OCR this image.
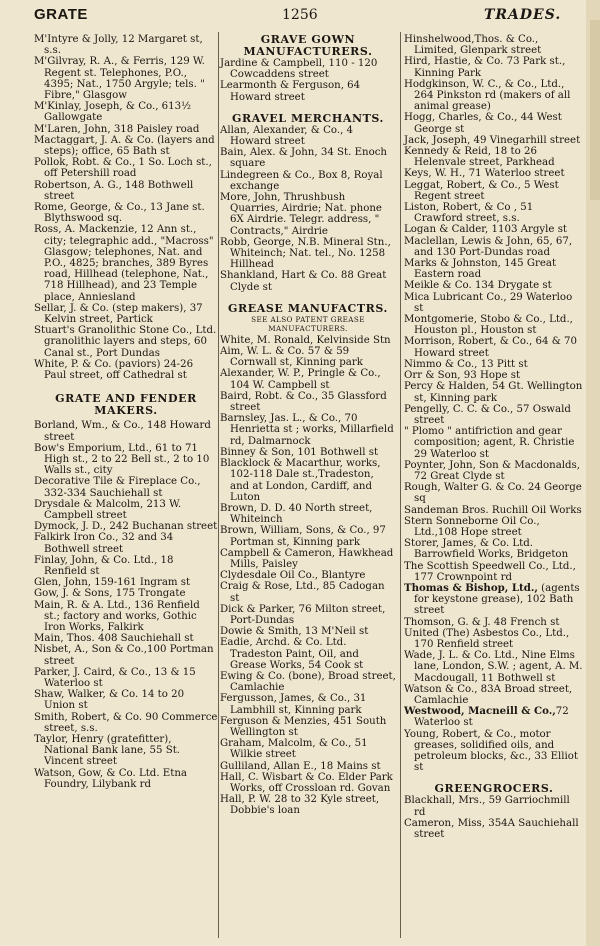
GRATE	1256	TRADES.

M'Intyre & Jolly, 12 Margaret st, s.s.

M'Gilvray, R. A., & Ferris, 129 W. Regent st. Telephones, P.O., 4395; Nat., 1750 Argyle; tels. " Fibre," Glasgow

M'Kinlay, Joseph, & Co., 613½ Gallowgate

M'Laren, John, 318 Paisley road

Mactaggart, J. A. & Co. (layers and steps); office, 65 Bath st

Pollok, Robt. & Co., 1 So. Loch st., off Petershill road

Robertson, A. G., 148 Bothwell street

Rome, George, & Co., 13 Jane st. Blythswood sq.

Ross, A. Mackenzie, 12 Ann st., city; telegraphic add., "Macross" Glasgow; telephones, Nat. and P.O., 4825; branches, 389 Byres road, Hillhead (telephone, Nat., 718 Hillhead), and 23 Temple place, Anniesland

Sellar, J. & Co. (step makers), 37 Kelvin street, Partick

Stuart's Granolithic Stone Co., Ltd. granolithic layers and steps, 60 Canal st., Port Dundas

White, P. & Co. (paviors) 24-26 Paul street, off Cathedral st

GRATE AND FENDER MAKERS.

Borland, Wm., & Co., 148 Howard street

Bow's Emporium, Ltd., 61 to 71 High st., 2 to 22 Bell st., 2 to 10 Walls st., city

Decorative Tile & Fireplace Co., 332-334 Sauchiehall st

Drysdale & Malcolm, 213 W. Campbell street

Dymock, J. D., 242 Buchanan street

Falkirk Iron Co., 32 and 34 Bothwell street

Finlay, John, & Co. Ltd., 18 Renfield st

Glen, John, 159-161 Ingram st

Gow, J. & Sons, 175 Trongate

Main, R. & A. Ltd., 136 Renfield st.; factory and works, Gothic Iron Works, Falkirk

Main, Thos. 408 Sauchiehall st

Nisbet, A., Son & Co.,100 Portman street

Parker, J. Caird, & Co., 13 & 15 Waterloo st

Shaw, Walker, & Co. 14 to 20 Union st

Smith, Robert, & Co. 90 Commerce street, s.s.

Taylor, Henry (gratefitter), National Bank lane, 55 St. Vincent street

Watson, Gow, & Co. Ltd. Etna Foundry, Lilybank rd

GRAVE GOWN MANUFACTURERS.

Jardine & Campbell, 110 - 120 Cowcaddens street

Learmonth & Ferguson, 64 Howard street

GRAVEL MERCHANTS.

Allan, Alexander, & Co., 4 Howard street

Bain, Alex. & John, 34 St. Enoch square

Lindegreen & Co., Box 8, Royal exchange

More, John, Thrushbush Quarries, Airdrie; Nat. phone 6X Airdrie. Telegr. address, " Contracts," Airdrie

Robb, George, N.B. Mineral Stn., Whiteinch; Nat. tel., No. 1258 Hillhead

Shankland, Hart & Co. 88 Great Clyde st

GREASE MANUFACTRS.

SEE ALSO PATENT GREASE MANUFACTURERS.

White, M. Ronald, Kelvinside Stn

Aim, W. L. & Co. 57 & 59 Cornwall st, Kinning park

Alexander, W. P., Pringle & Co., 104 W. Campbell st

Baird, Robt. & Co., 35 Glassford street

Barnsley, Jas. L., & Co., 70 Henrietta st ; works, Millarfield rd, Dalmarnock

Binney & Son, 101 Bothwell st

Blacklock & Macarthur, works, 102-118 Dale st.,Tradeston, and at London, Cardiff, and Luton

Brown, D. D. 40 North street, Whiteinch

Brown, William, Sons, & Co., 97 Portman st, Kinning park

Campbell & Cameron, Hawkhead Mills, Paisley

Clydesdale Oil Co., Blantyre

Craig & Rose, Ltd., 85 Cadogan st

Dick & Parker, 76 Milton street, Port-Dundas

Dowie & Smith, 13 M'Neil st

Eadie, Archd. & Co. Ltd. Tradeston Paint, Oil, and Grease Works, 54 Cook st

Ewing & Co. (bone), Broad street, Camlachie

Fergusson, James, & Co., 31 Lambhill st, Kinning park

Ferguson & Menzies, 451 South Wellington st

Graham, Malcolm, & Co., 51 Wilkie street

Gulliland, Allan E., 18 Mains st

Hall, C. Wisbart & Co. Elder Park Works, off Crossloan rd. Govan

Hall, P. W. 28 to 32 Kyle street, Dobbie's loan

Hinshelwood,Thos. & Co., Limited, Glenpark street

Hird, Hastie, & Co. 73 Park st., Kinning Park

Hodgkinson, W. C., & Co., Ltd., 264 Pinkston rd (makers of all animal grease)

Hogg, Charles, & Co., 44 West George st

Jack, Joseph, 49 Vinegarhill street

Kennedy & Reid, 18 to 26 Helenvale street, Parkhead

Keys, W. H., 71 Waterloo street

Leggat, Robert, & Co., 5 West Regent street

Liston, Robert, & Co , 51 Crawford street, s.s.

Logan & Calder, 1103 Argyle st

Maclellan, Lewis & John, 65, 67, and 130 Port-Dundas road

Marks & Johnston, 145 Great Eastern road

Meikle & Co. 134 Drygate st

Mica Lubricant Co., 29 Waterloo st

Montgomerie, Stobo & Co., Ltd., Houston pl., Houston st

Morrison, Robert, & Co., 64 & 70 Howard street

Nimmo & Co., 13 Pitt st

Orr & Son, 93 Hope st

Percy & Halden, 54 Gt. Wellington st, Kinning park

Pengelly, C. C. & Co., 57 Oswald street

" Plomo " antifriction and gear composition; agent, R. Christie 29 Waterloo st

Poynter, John, Son & Macdonalds, 72 Great Clyde st

Rough, Walter G. & Co. 24 George sq

Sandeman Bros. Ruchill Oil Works

Stern Sonneborne Oil Co., Ltd.,108 Hope street

Storer, James, & Co. Ltd. Barrowfield Works, Bridgeton

The Scottish Speedwell Co., Ltd., 177 Crownpoint rd

Thomas & Bishop, Ltd., (agents for keystone grease), 102 Bath street

Thomson, G. & J. 48 French st

United (The) Asbestos Co., Ltd., 170 Renfield street

Wade, J. L. & Co. Ltd., Nine Elms lane, London, S.W. ; agent, A. M. Macdougall, 11 Bothwell st

Watson & Co., 83A Broad street, Camlachie

Westwood, Macneill & Co.,72 Waterloo st

Young, Robert, & Co., motor greases, solidified oils, and petroleum blocks, &c., 33 Elliot st

GREENGROCERS.

Blackhall, Mrs., 59 Garriochmill rd

Cameron, Miss, 354A Sauchiehall street
